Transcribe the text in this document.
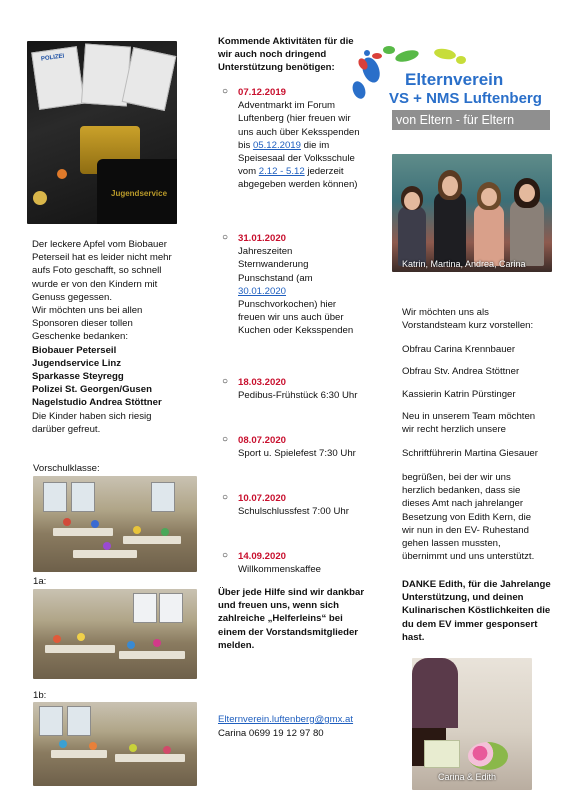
POLIZEI
Jugendservice
Der leckere Apfel vom Biobauer
Peterseil hat es leider nicht mehr
aufs Foto geschafft, so schnell
wurde er von den Kindern mit
Genuss gegessen.
Wir möchten uns bei allen
Sponsoren dieser tollen
Geschenke bedanken:
Biobauer Peterseil
Jugendservice Linz
Sparkasse Steyregg
Polizei St. Georgen/Gusen
Nagelstudio Andrea Stöttner
Die Kinder haben sich riesig
darüber gefreut.
Vorschulklasse:
1a:
1b:
Kommende Aktivitäten für die
wir auch noch dringend
Unterstützung benötigen:
○ 07.12.2019
Adventmarkt im Forum
Luftenberg (hier freuen wir
uns auch über Keksspenden
bis 05.12.2019 die im
Speisesaal der Volksschule
vom 2.12 - 5.12 jederzeit
abgegeben werden können)
○ 31.01.2020
Jahreszeiten
Sternwanderung
Punschstand (am
30.01.2020
Punschvorkochen) hier
freuen wir uns auch über
Kuchen oder Keksspenden
○ 18.03.2020
Pedibus-Frühstück 6:30 Uhr
○ 08.07.2020
Sport u. Spielefest 7:30 Uhr
○ 10.07.2020
Schulschlussfest 7:00 Uhr
○ 14.09.2020
Willkommenskaffee
Über jede Hilfe sind wir dankbar
und freuen uns, wenn sich
zahlreiche „Helferleins“ bei
einem der Vorstandsmitglieder
melden.
Elternverein.luftenberg@gmx.at
Carina 0699 19 12 97 80
Elternverein
VS + NMS Luftenberg
von Eltern - für Eltern
Katrin, Martina, Andrea, Carina
Wir möchten uns als
Vorstandsteam kurz vorstellen:
Obfrau Carina Krennbauer
Obfrau Stv. Andrea Stöttner
Kassierin Katrin Pürstinger
Neu in unserem Team möchten
wir recht herzlich unsere
Schriftführerin Martina Giesauer
begrüßen, bei der wir uns
herzlich bedanken, dass sie
dieses Amt nach jahrelanger
Besetzung von Edith Kern, die
wir nun in den EV- Ruhestand
gehen lassen mussten,
übernimmt und uns unterstützt.
DANKE Edith, für die Jahrelange
Unterstützung, und deinen
Kulinarischen Köstlichkeiten die
du dem EV immer gesponsert
hast.
Carina & Edith
